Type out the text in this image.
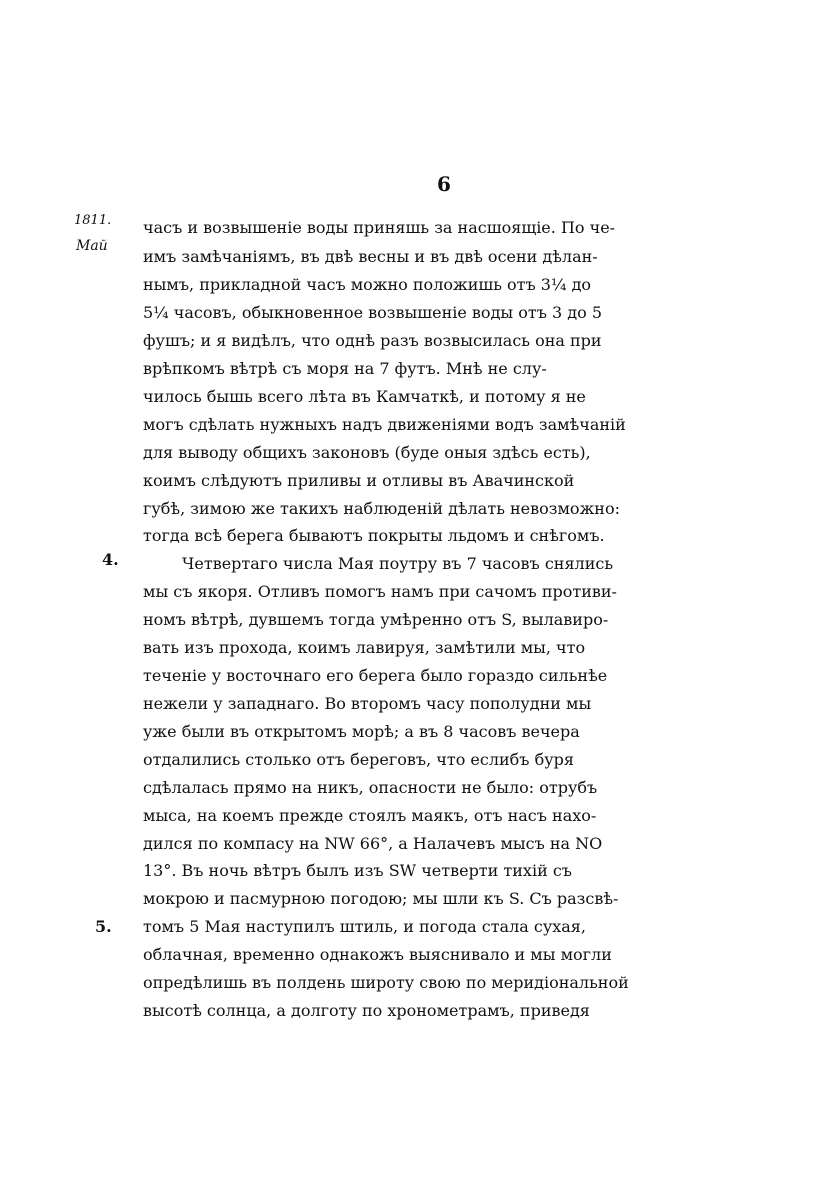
6
1811.
Май
4.
5.
часъ и возвышеніе воды приняшь за насшоящіе. По че-
имъ замѣчаніямъ, въ двѣ весны и въ двѣ осени дѣлан-
нымъ, прикладной часъ можно положишь отъ 3¼ до
5¼ часовъ, обыкновенное возвышеніе воды отъ 3 до 5
фушъ; и я видѣлъ, что однѣ разъ возвысилась она при
врѣпкомъ вѣтрѣ съ моря на 7 футъ. Мнѣ не слу-
чилось бышь всего лѣта въ Камчаткѣ, и потому я не
могъ сдѣлать нужныхъ надъ движеніями водъ замѣчаній
для выводу общихъ законовъ (буде оныя здѣсь есть),
коимъ слѣдуютъ приливы и отливы въ Авачинской
губѣ, зимою же такихъ наблюденій дѣлать невозможно:
тогда всѣ берега бываютъ покрыты льдомъ и снѣгомъ.
Четвертаго числа Мая поутру въ 7 часовъ снялись
мы съ якоря. Отливъ помогъ намъ при сачомъ противи-
номъ вѣтрѣ, дувшемъ тогда умѣренно отъ S, вылавиро-
вать изъ прохода, коимъ лавируя, замѣтили мы, что
теченіе у восточнаго его берега было гораздо сильнѣе
нежели у западнаго. Во второмъ часу пополудни мы
уже были въ открытомъ морѣ; а въ 8 часовъ вечера
отдалились столько отъ береговъ, что еслибъ буря
сдѣлалась прямо на никъ, опасности не было: отрубъ
мыса, на коемъ прежде стоялъ маякъ, отъ насъ нахо-
дился по компасу на NW 66°, а Налачевъ мысъ на NO
13°. Въ ночь вѣтръ былъ изъ SW четверти тихій съ
мокрою и пасмурною погодою; мы шли къ S. Съ разсвѣ-
томъ 5 Мая наступилъ штиль, и погода стала сухая,
облачная, временно однакожъ выяснивало и мы могли
опредѣлишь въ полдень широту свою по меридіональной
высотѣ солнца, а долготу по хронометрамъ, приведя
